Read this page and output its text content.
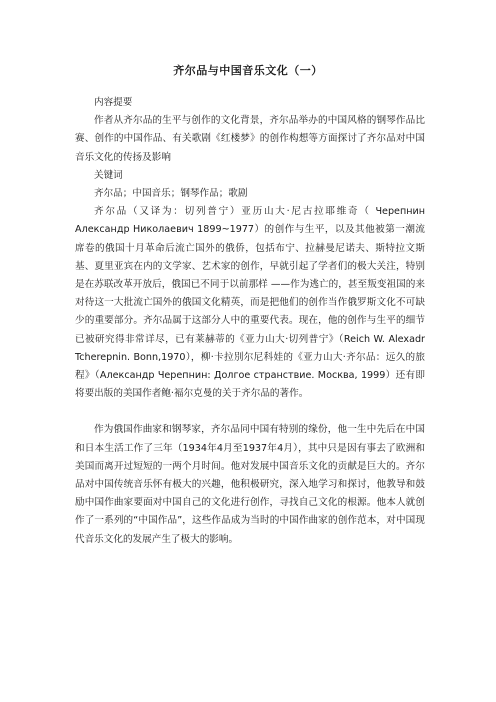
齐尔品与中国音乐文化（一）

内容提要

作者从齐尔品的生平与创作的文化背景，齐尔品举办的中国风格的钢琴作品比赛、创作的中国作品、有关歌剧《红楼梦》的创作构想等方面探讨了齐尔品对中国音乐文化的传扬及影响

关键词

齐尔品；中国音乐；钢琴作品；歌剧

齐尔品（又译为：切列普宁）亚历山大·尼古拉耶维奇（ Черепнин Александр Николаевич 1899~1977）的创作与生平，以及其他被第一潮流席卷的俄国十月革命后流亡国外的俄侨，包括布宁、拉赫曼尼诺夫、斯特拉文斯基、夏里亚宾在内的文学家、艺术家的创作，早就引起了学者们的极大关注，特别是在苏联改革开放后，俄国已不同于以前那样 ——作为逃亡的，甚至叛变祖国的来对待这一大批流亡国外的俄国文化精英，而是把他们的创作当作俄罗斯文化不可缺少的重要部分。齐尔品属于这部分人中的重要代表。现在，他的创作与生平的细节已被研究得非常详尽，已有莱赫蒂的《亚力山大·切列普宁》（Reich W. Alexadr Tcherepnin. Bonn,1970），柳·卡拉別尔尼科娃的《亚力山大·齐尔品：远久的旅程》（Александр Черепнин: Долгое странствие. Москва, 1999）还有即将要出版的美国作者鲍·褔尔克曼的关于齐尔品的著作。

作为俄国作曲家和钢琴家，齐尔品同中国有特别的缘份，他一生中先后在中国和日本生活工作了三年（1934年4月至1937年4月），其中只是因有事去了欧洲和美国而离开过短短的一两个月时间。他对发展中国音乐文化的贡献是巨大的。齐尔品对中国传统音乐怀有极大的兴趣，他积极研究，深入地学习和探讨，他教导和鼓励中国作曲家要面对中国自己的文化进行创作，寻找自己文化的根源。他本人就创作了一系列的“中国作品”，这些作品成为当时的中国作曲家的创作范本，对中国现代音乐文化的发展产生了极大的影响。
